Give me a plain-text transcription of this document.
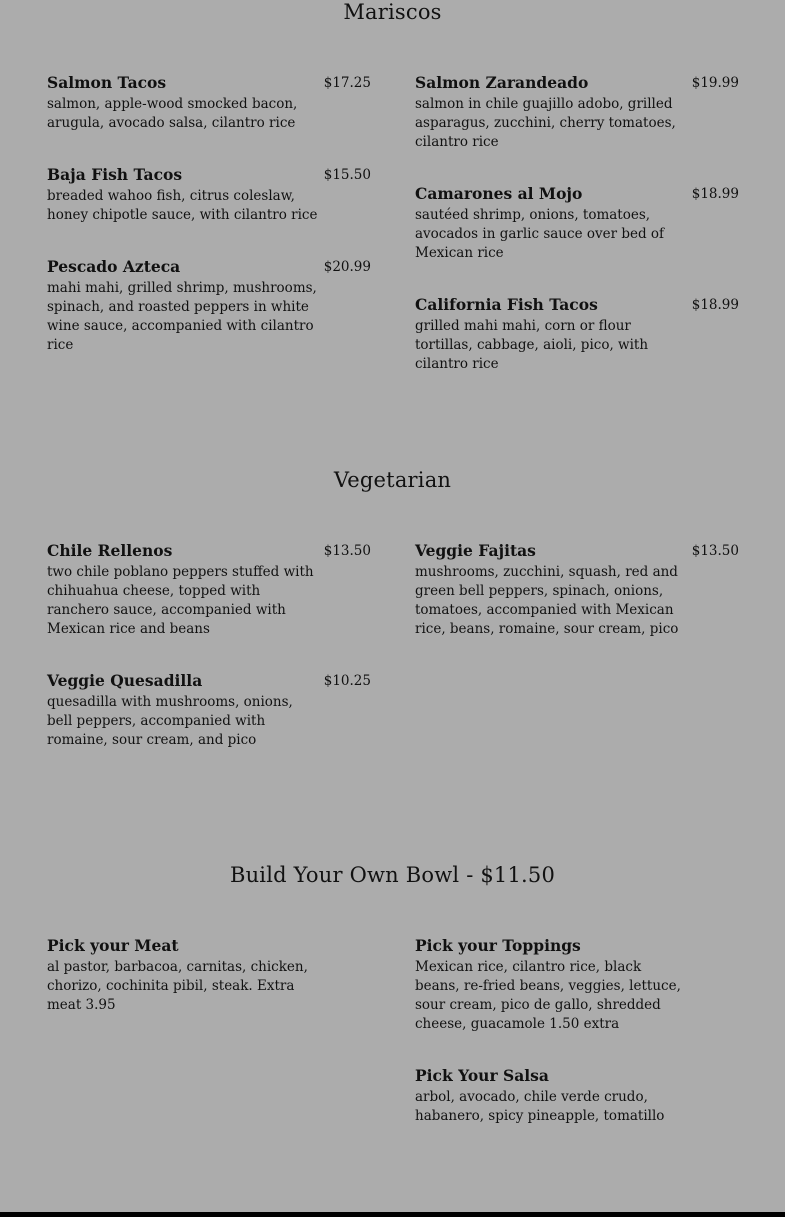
Mariscos
Salmon Tacos	$17.25
salmon, apple-wood smocked bacon, arugula, avocado salsa, cilantro rice
Baja Fish Tacos	$15.50
breaded wahoo fish, citrus coleslaw, honey chipotle sauce, with cilantro rice
Pescado Azteca	$20.99
mahi mahi, grilled shrimp, mushrooms, spinach, and roasted peppers in white wine sauce, accompanied with cilantro rice
Salmon Zarandeado	$19.99
salmon in chile guajillo adobo, grilled asparagus, zucchini, cherry tomatoes, cilantro rice
Camarones al Mojo	$18.99
sautéed shrimp, onions, tomatoes, avocados in garlic sauce over bed of Mexican rice
California Fish Tacos	$18.99
grilled mahi mahi, corn or flour tortillas, cabbage, aioli, pico, with cilantro rice
Vegetarian
Chile Rellenos	$13.50
two chile poblano peppers stuffed with chihuahua cheese, topped with ranchero sauce, accompanied with Mexican rice and beans
Veggie Quesadilla	$10.25
quesadilla with mushrooms, onions, bell peppers, accompanied with romaine, sour cream, and pico
Veggie Fajitas	$13.50
mushrooms, zucchini, squash, red and green bell peppers, spinach, onions, tomatoes, accompanied with Mexican rice, beans, romaine, sour cream, pico
Build Your Own Bowl - $11.50
Pick your Meat
al pastor, barbacoa, carnitas, chicken, chorizo, cochinita pibil, steak. Extra meat 3.95
Pick your Toppings
Mexican rice, cilantro rice, black beans, re-fried beans, veggies, lettuce, sour cream, pico de gallo, shredded cheese, guacamole 1.50 extra
Pick Your Salsa
arbol, avocado, chile verde crudo, habanero, spicy pineapple, tomatillo
